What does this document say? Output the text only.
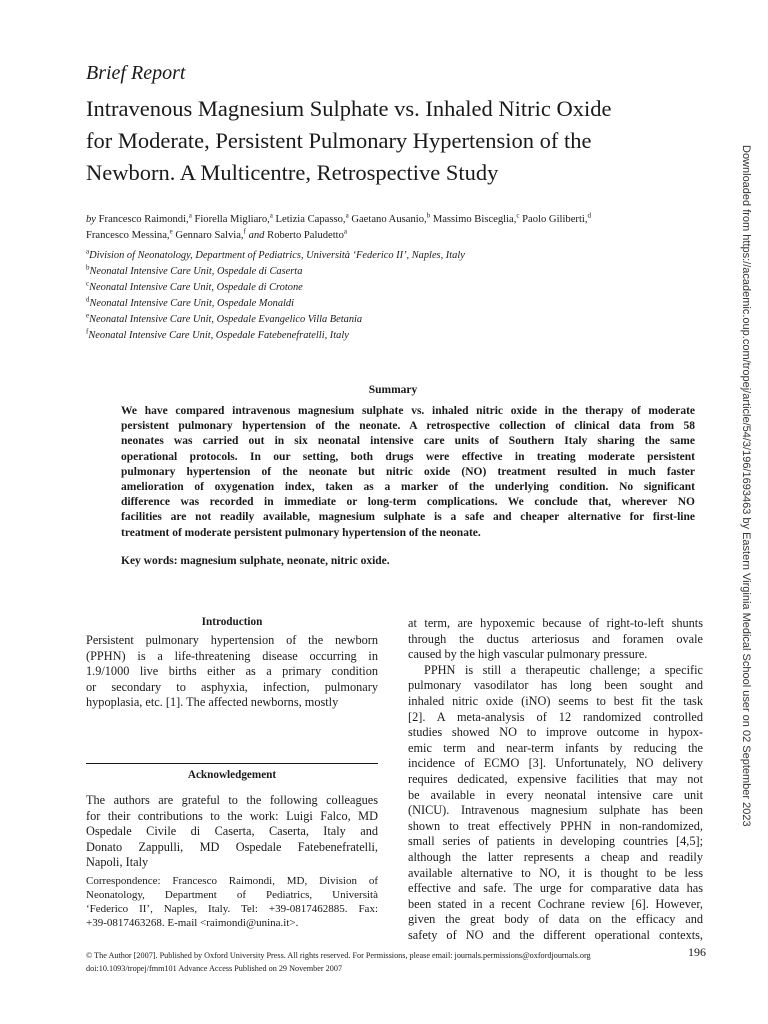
Brief Report
Intravenous Magnesium Sulphate vs. Inhaled Nitric Oxide
for Moderate, Persistent Pulmonary Hypertension of the
Newborn. A Multicentre, Retrospective Study
by Francesco Raimondi,$^a$ Fiorella Migliaro,$^a$ Letizia Capasso,$^a$ Gaetano Ausanio,$^b$ Massimo Bisceglia,$^c$ Paolo Giliberti,$^d$
Francesco Messina,$^e$ Gennaro Salvia,$^f$ and Roberto Paludetto$^a$
$^a$Division of Neonatology, Department of Pediatrics, Università ‘Federico II’, Naples, Italy
$^b$Neonatal Intensive Care Unit, Ospedale di Caserta
$^c$Neonatal Intensive Care Unit, Ospedale di Crotone
$^d$Neonatal Intensive Care Unit, Ospedale Monaldi
$^e$Neonatal Intensive Care Unit, Ospedale Evangelico Villa Betania
$^f$Neonatal Intensive Care Unit, Ospedale Fatebenefratelli, Italy
Summary
We have compared intravenous magnesium sulphate vs. inhaled nitric oxide in the therapy of moderate
persistent pulmonary hypertension of the neonate. A retrospective collection of clinical data from 58
neonates was carried out in six neonatal intensive care units of Southern Italy sharing the same
operational protocols. In our setting, both drugs were effective in treating moderate persistent
pulmonary hypertension of the neonate but nitric oxide (NO) treatment resulted in much faster
amelioration of oxygenation index, taken as a marker of the underlying condition. No significant
difference was recorded in immediate or long-term complications. We conclude that, wherever NO
facilities are not readily available, magnesium sulphate is a safe and cheaper alternative for first-line
treatment of moderate persistent pulmonary hypertension of the neonate.
Key words: magnesium sulphate, neonate, nitric oxide.
Introduction
Persistent pulmonary hypertension of the newborn
(PPHN) is a life-threatening disease occurring in
1.9/1000 live births either as a primary condition
or secondary to asphyxia, infection, pulmonary
hypoplasia, etc. [1]. The affected newborns, mostly
Acknowledgement
The authors are grateful to the following colleagues
for their contributions to the work: Luigi Falco, MD
Ospedale Civile di Caserta, Caserta, Italy and
Donato Zappulli, MD Ospedale Fatebenefratelli,
Napoli, Italy
Correspondence: Francesco Raimondi, MD, Division of
Neonatology, Department of Pediatrics, Università
‘Federico II’, Naples, Italy. Tel: +39-0817462885. Fax:
+39-0817463268. E-mail <raimondi@unina.it>.
at term, are hypoxemic because of right-to-left shunts
through the ductus arteriosus and foramen ovale
caused by the high vascular pulmonary pressure.
PPHN is still a therapeutic challenge; a specific
pulmonary vasodilator has long been sought and
inhaled nitric oxide (iNO) seems to best fit the task
[2]. A meta-analysis of 12 randomized controlled
studies showed NO to improve outcome in hypox-
emic term and near-term infants by reducing the
incidence of ECMO [3]. Unfortunately, NO delivery
requires dedicated, expensive facilities that may not
be available in every neonatal intensive care unit
(NICU). Intravenous magnesium sulphate has been
shown to treat effectively PPHN in non-randomized,
small series of patients in developing countries [4,5];
although the latter represents a cheap and readily
available alternative to NO, it is thought to be less
effective and safe. The urge for comparative data has
been stated in a recent Cochrane review [6]. However,
given the great body of data on the efficacy and
safety of NO and the different operational contexts,
© The Author [2007]. Published by Oxford University Press. All rights reserved. For Permissions, please email: journals.permissions@oxfordjournals.org
doi:10.1093/tropej/fmm101 Advance Access Published on 29 November 2007
196
Downloaded from https://academic.oup.com/tropej/article/54/3/196/1693463 by Eastern Virginia Medical School user on 02 September 2023
